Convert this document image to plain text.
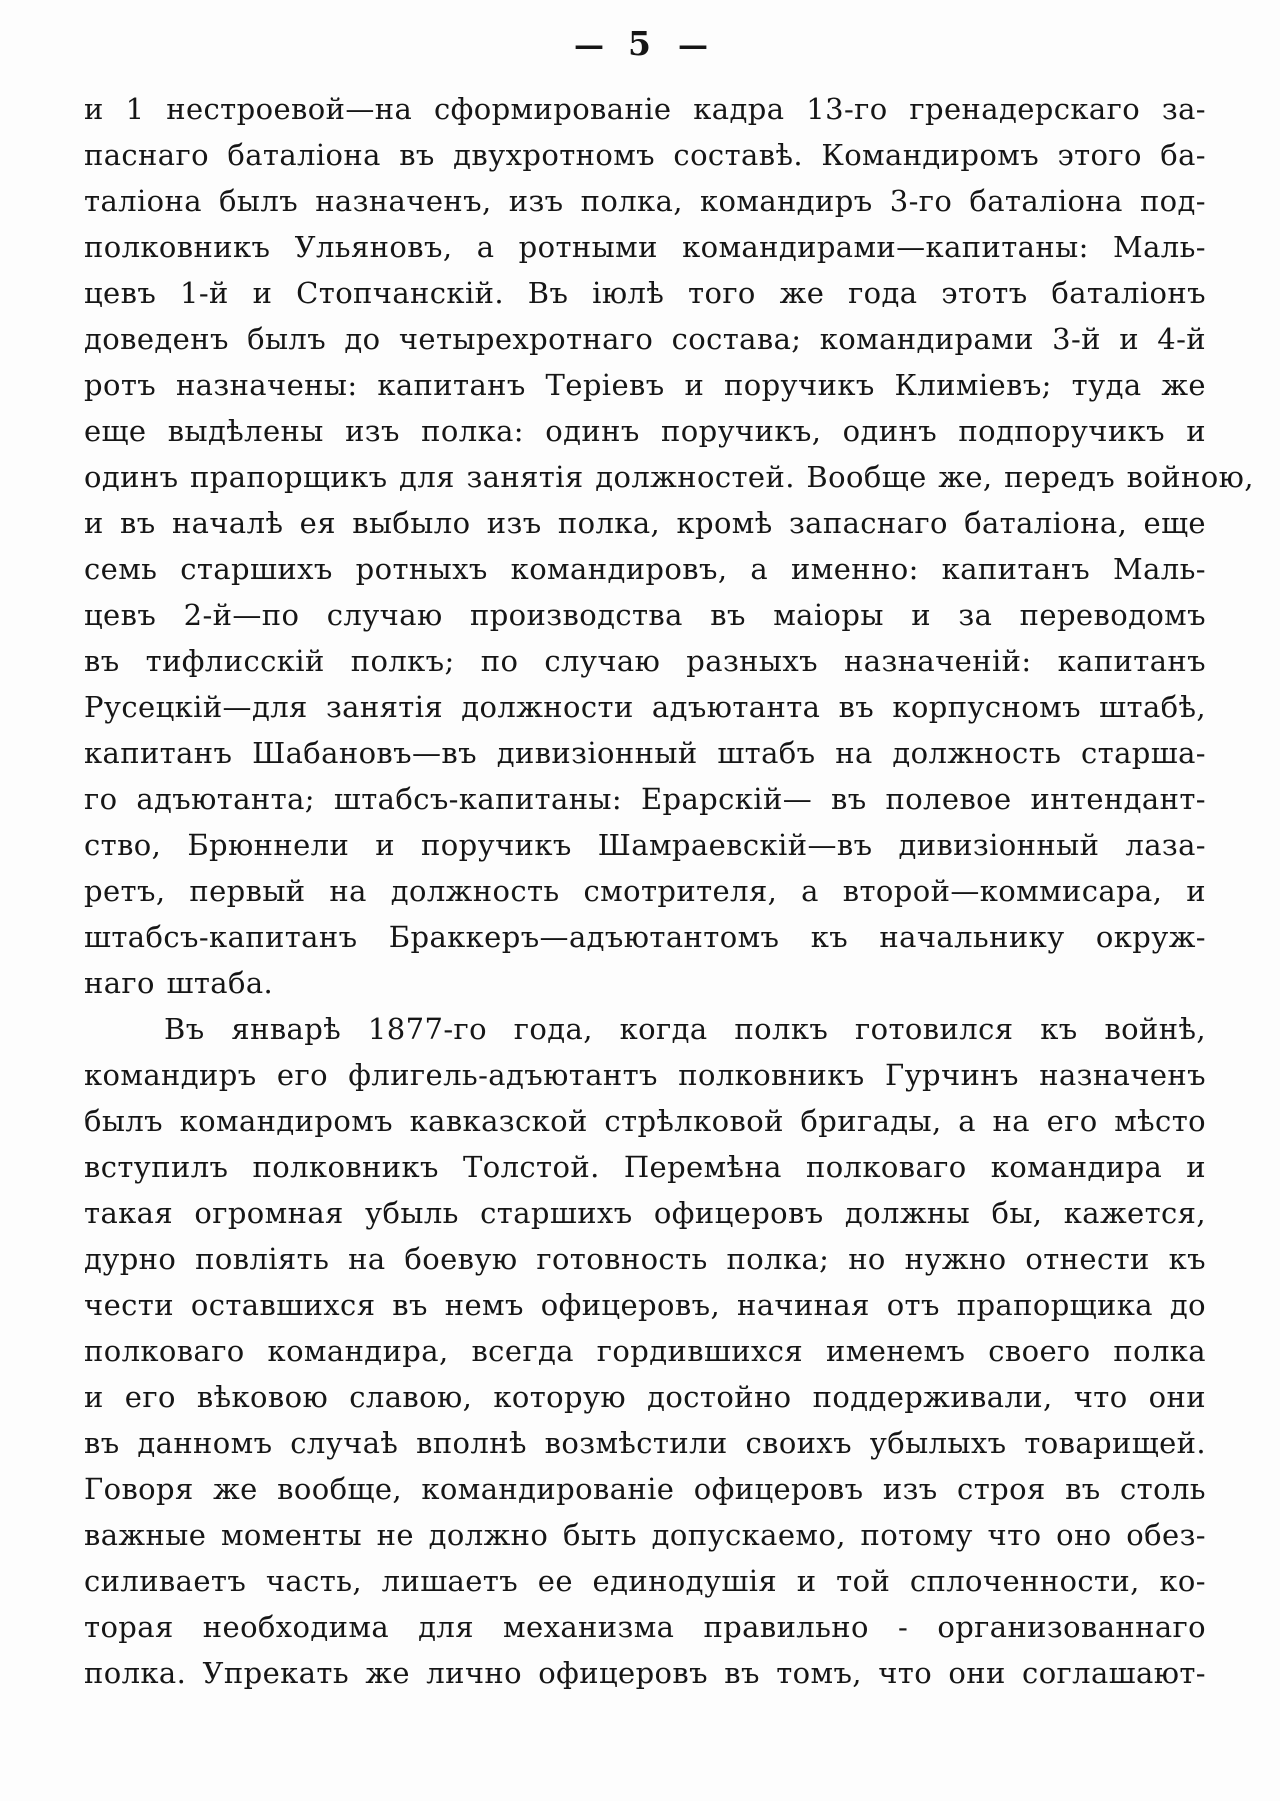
— 5 —
и 1 нестроевой—на сформированіе кадра 13-го гренадерскаго за-
паснаго баталіона въ двухротномъ составѣ. Командиромъ этого ба-
таліона былъ назначенъ, изъ полка, командиръ 3-го баталіона под-
полковникъ Ульяновъ, а ротными командирами—капитаны: Маль-
цевъ 1-й и Стопчанскій. Въ іюлѣ того же года этотъ баталіонъ
доведенъ былъ до четырехротнаго состава; командирами 3-й и 4-й
ротъ назначены: капитанъ Теріевъ и поручикъ Климіевъ; туда же
еще выдѣлены изъ полка: одинъ поручикъ, одинъ подпоручикъ и
одинъ прапорщикъ для занятія должностей. Вообще же, передъ войною,
и въ началѣ ея выбыло изъ полка, кромѣ запаснаго баталіона, еще
семь старшихъ ротныхъ командировъ, а именно: капитанъ Маль-
цевъ 2-й—по случаю производства въ маіоры и за переводомъ
въ тифлисскій полкъ; по случаю разныхъ назначеній: капитанъ
Русецкій—для занятія должности адъютанта въ корпусномъ штабѣ,
капитанъ Шабановъ—въ дивизіонный штабъ на должность старша-
го адъютанта; штабсъ-капитаны: Ерарскій— въ полевое интендант-
ство, Брюннели и поручикъ Шамраевскій—въ дивизіонный лаза-
ретъ, первый на должность смотрителя, а второй—коммисара, и
штабсъ-капитанъ Браккеръ—адъютантомъ къ начальнику окруж-
наго штаба.
Въ январѣ 1877-го года, когда полкъ готовился къ войнѣ,
командиръ его флигель-адъютантъ полковникъ Гурчинъ назначенъ
былъ командиромъ кавказской стрѣлковой бригады, а на его мѣсто
вступилъ полковникъ Толстой. Перемѣна полковаго командира и
такая огромная убыль старшихъ офицеровъ должны бы, кажется,
дурно повліять на боевую готовность полка; но нужно отнести къ
чести оставшихся въ немъ офицеровъ, начиная отъ прапорщика до
полковаго командира, всегда гордившихся именемъ своего полка
и его вѣковою славою, которую достойно поддерживали, что они
въ данномъ случаѣ вполнѣ возмѣстили своихъ убылыхъ товарищей.
Говоря же вообще, командированіе офицеровъ изъ строя въ столь
важные моменты не должно быть допускаемо, потому что оно обез-
силиваетъ часть, лишаетъ ее единодушія и той сплоченности, ко-
торая необходима для механизма правильно - организованнаго
полка. Упрекать же лично офицеровъ въ томъ, что они соглашают-
